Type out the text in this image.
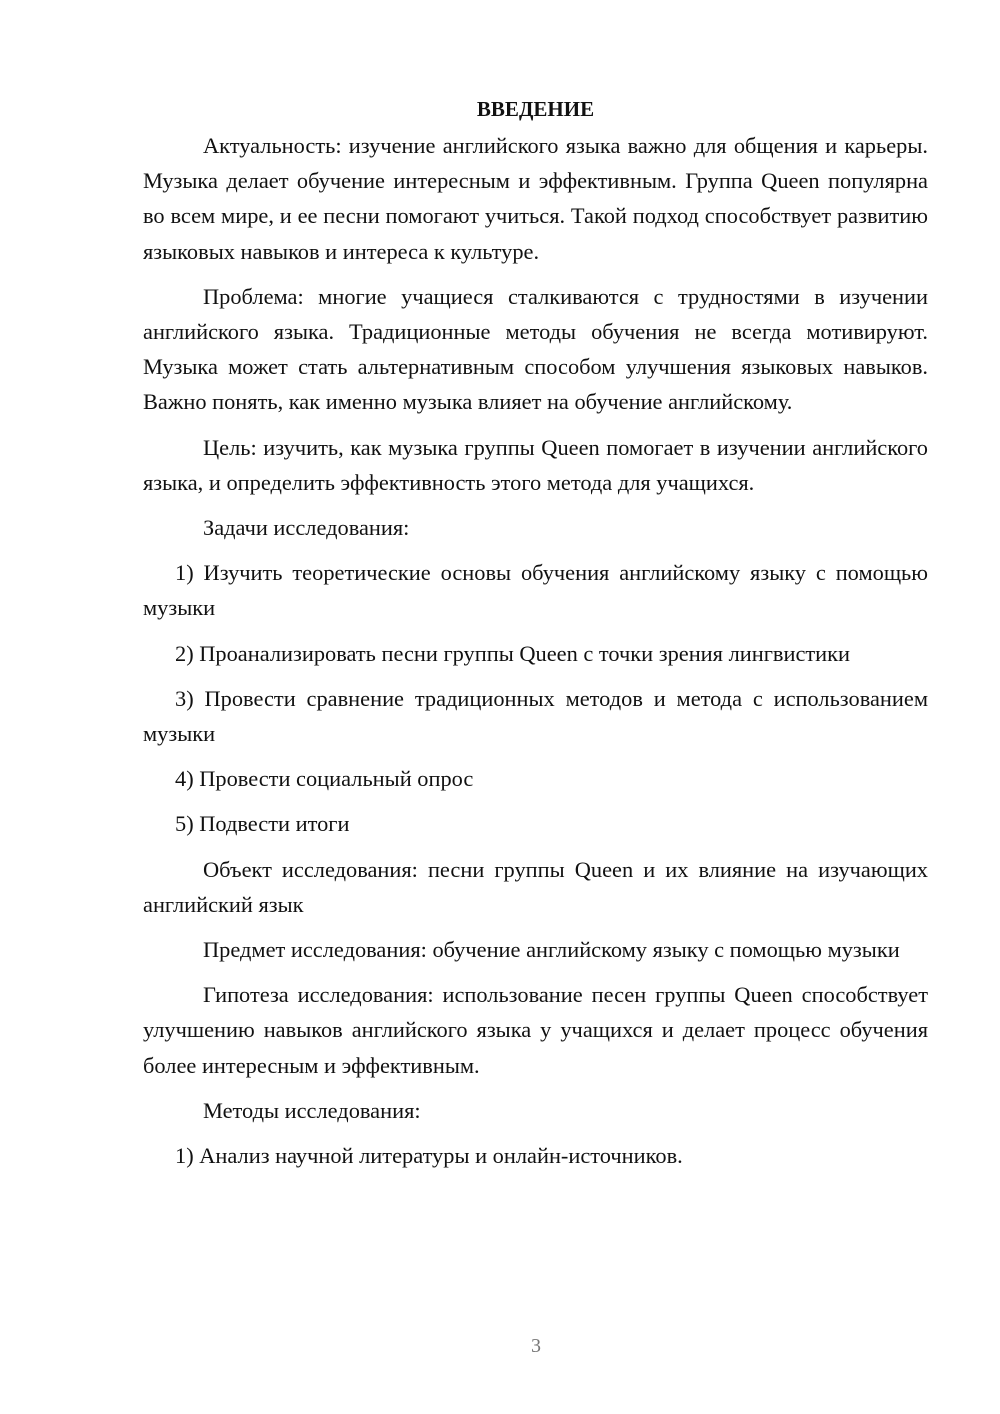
ВВЕДЕНИЕ

Актуальность: изучение английского языка важно для общения и карьеры. Музыка делает обучение интересным и эффективным. Группа Queen популярна во всем мире, и ее песни помогают учиться. Такой подход способствует развитию языковых навыков и интереса к культуре.

Проблема: многие учащиеся сталкиваются с трудностями в изучении английского языка. Традиционные методы обучения не всегда мотивируют. Музыка может стать альтернативным способом улучшения языковых навыков. Важно понять, как именно музыка влияет на обучение английскому.

Цель: изучить, как музыка группы Queen помогает в изучении английского языка, и определить эффективность этого метода для учащихся.

Задачи исследования:

1) Изучить теоретические основы обучения английскому языку с помощью музыки

2) Проанализировать песни группы Queen с точки зрения лингвистики

3) Провести сравнение традиционных методов и метода с использованием музыки

4) Провести социальный опрос

5) Подвести итоги

Объект исследования: песни группы Queen и их влияние на изучающих английский язык

Предмет исследования: обучение английскому языку с помощью музыки

Гипотеза исследования: использование песен группы Queen способствует улучшению навыков английского языка у учащихся и делает процесс обучения более интересным и эффективным.

Методы исследования:

1) Анализ научной литературы и онлайн-источников.

3
